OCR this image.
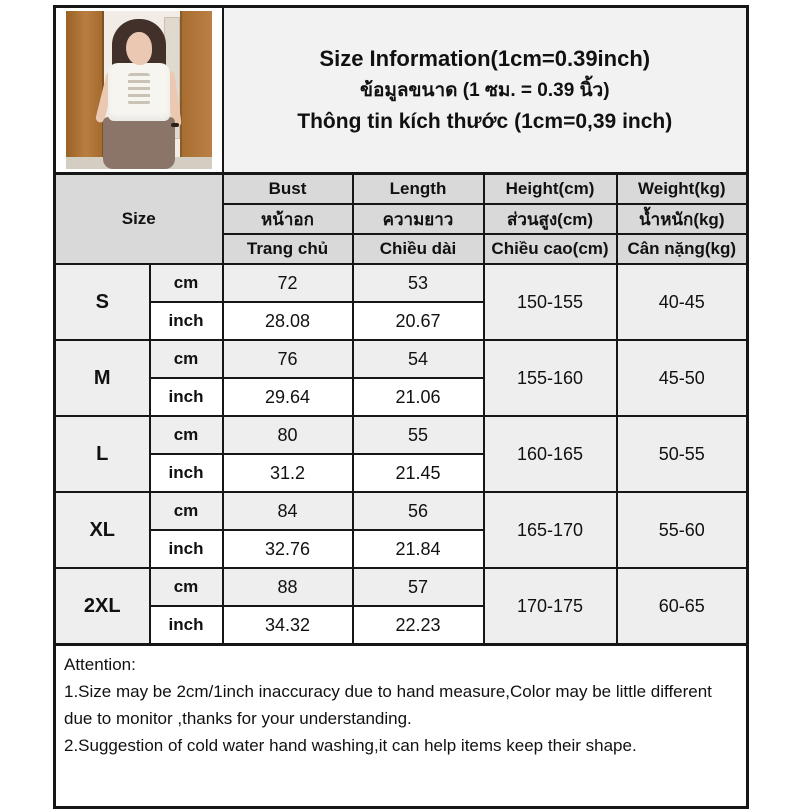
		Size Information(1cm=0.39inch)
ข้อมูลขนาด (1 ซม. = 0.39 นิ้ว)
Thông tin kích thước (1cm=0,39 inch)			

Size		Bust	Length	Height(cm)	Weight(kg)
		หน้าอก	ความยาว	ส่วนสูง(cm)	น้ำหนัก(kg)
		Trang chủ	Chiều dài	Chiều cao(cm)	Cân nặng(kg)
S	cm	72	53	150-155	40-45
	inch	28.08	20.67		
M	cm	76	54	155-160	45-50
	inch	29.64	21.06		
L	cm	80	55	160-165	50-55
	inch	31.2	21.45		
XL	cm	84	56	165-170	55-60
	inch	32.76	21.84		
2XL	cm	88	57	170-175	60-65
	inch	34.32	22.23		

Attention:
1.Size may be 2cm/1inch inaccuracy due to hand measure,Color may be little different due to monitor ,thanks for your understanding.
2.Suggestion of cold water hand washing,it can help items keep their shape.					
